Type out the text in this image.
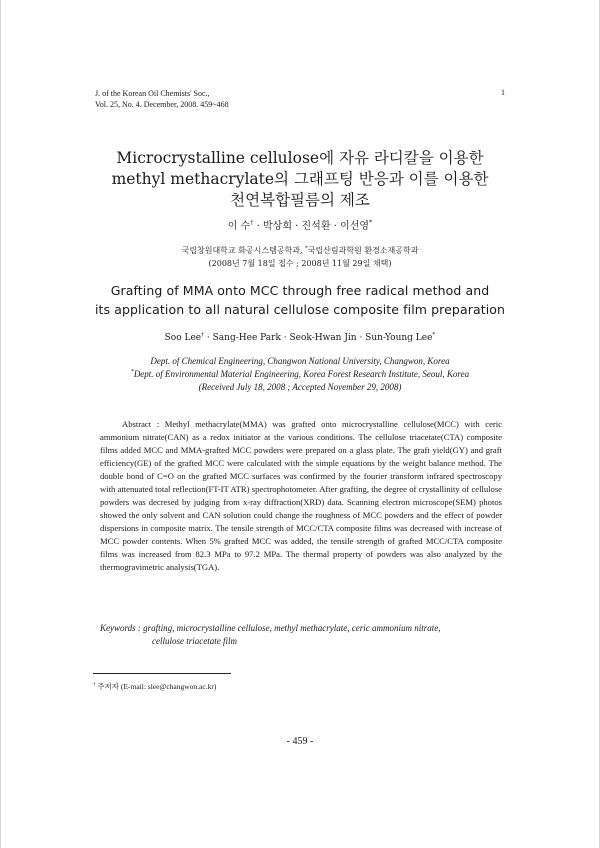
J. of the Korean Oil Chemists' Soc.,
Vol. 25, No. 4. December, 2008. 459~468
1
Microcrystalline cellulose에 자유 라디칼을 이용한
methyl methacrylate의 그래프팅 반응과 이를 이용한
천연복합필름의 제조
이 수† · 박상희 · 진석환 · 이선영*
국립창원대학교 화공시스템공학과, *국립산림과학원 환경소재공학과
(2008년 7월 18일 접수 ; 2008년 11월 29일 채택)
Grafting of MMA onto MCC through free radical method and
its application to all natural cellulose composite film preparation
Soo Lee† · Sang-Hee Park · Seok-Hwan Jin · Sun-Young Lee*
Dept. of Chemical Engineering, Changwon National University, Changwon, Korea
*Dept. of Environmental Material Engineering, Korea Forest Research Institute, Seoul, Korea
(Received July 18, 2008 ; Accepted November 29, 2008)
Abstract : Methyl methacrylate(MMA) was grafted onto microcrystalline cellulose(MCC) with ceric ammonium nitrate(CAN) as a redox initiator at the various conditions. The cellulose triacetate(CTA) composite films added MCC and MMA-grafted MCC powders were prepared on a glass plate. The graft yield(GY) and graft efficiency(GE) of the grafted MCC were calculated with the simple equations by the weight balance method. The double bond of C=O on the grafted MCC surfaces was confirmed by the fourier transform infrared spectroscopy with attenuated total reflection(FT-IT ATR) spectrophotometer. After grafting, the degree of crystallinity of cellulose powders was decresed by judging from x-ray diffraction(XRD) data. Scanning electron microscope(SEM) photos showed the only solvent and CAN solution could change the roughness of MCC powders and the effect of powder dispersions in composite matrix. The tensile strength of MCC/CTA composite films was decreased with increase of MCC powder contents. When 5% grafted MCC was added, the tensile strength of grafted MCC/CTA composite films was increased from 82.3 MPa to 97.2 MPa. The thermal property of powders was also analyzed by the thermogravimetric analysis(TGA).
Keywords : grafting, microcrystalline cellulose, methyl methacrylate, ceric ammonium nitrate,
cellulose triacetate film
† 주저자 (E-mail: slee@changwon.ac.kr)
- 459 -
